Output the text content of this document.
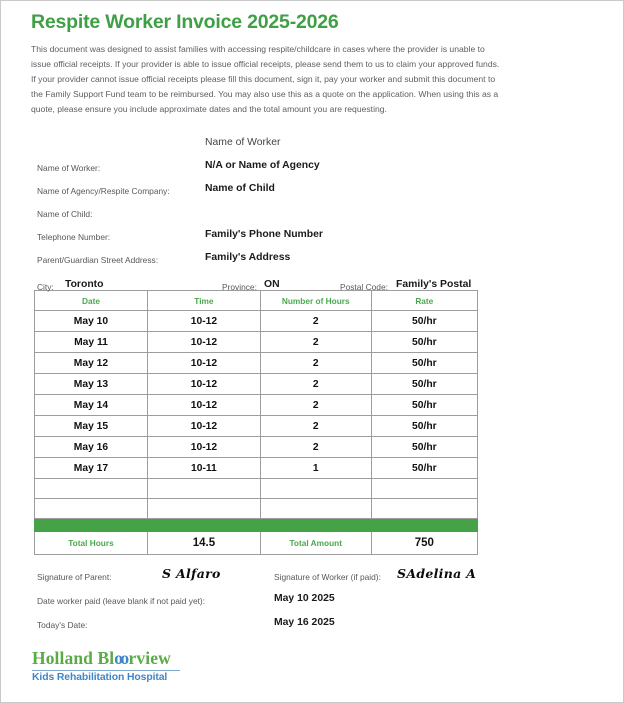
Respite Worker Invoice 2025-2026

This document was designed to assist families with accessing respite/childcare in cases where the provider is unable to issue official receipts. If your provider is able to issue official receipts, please send them to us to claim your approved funds. If your provider cannot issue official receipts please fill this document, sign it, pay your worker and submit this document to the Family Support Fund team to be reimbursed. You may also use this as a quote on the application. When using this as a quote, please ensure you include approximate dates and the total amount you are requesting.

Name of Worker
Name of Worker:	N/A or Name of Agency
Name of Agency/Respite Company:	Name of Child
Name of Child:
Telephone Number:	Family's Phone Number
Parent/Guardian Street Address:	Family's Address
City: Toronto	Province: ON	Postal Code: Family's Postal
Date	Time	Number of Hours	Rate
May 10	10-12	2	50/hr
May 11	10-12	2	50/hr
May 12	10-12	2	50/hr
May 13	10-12	2	50/hr
May 14	10-12	2	50/hr
May 15	10-12	2	50/hr
May 16	10-12	2	50/hr
May 17	10-11	1	50/hr

Total Hours	14.5	Total Amount	750
Signature of Parent:	S Alfaro	Signature of Worker (if paid): SAdelina A
Date worker paid (leave blank if not paid yet):	May 10 2025
Today's Date:	May 16 2025
Holland Bloo rview
Kids Rehabilitation Hospital
